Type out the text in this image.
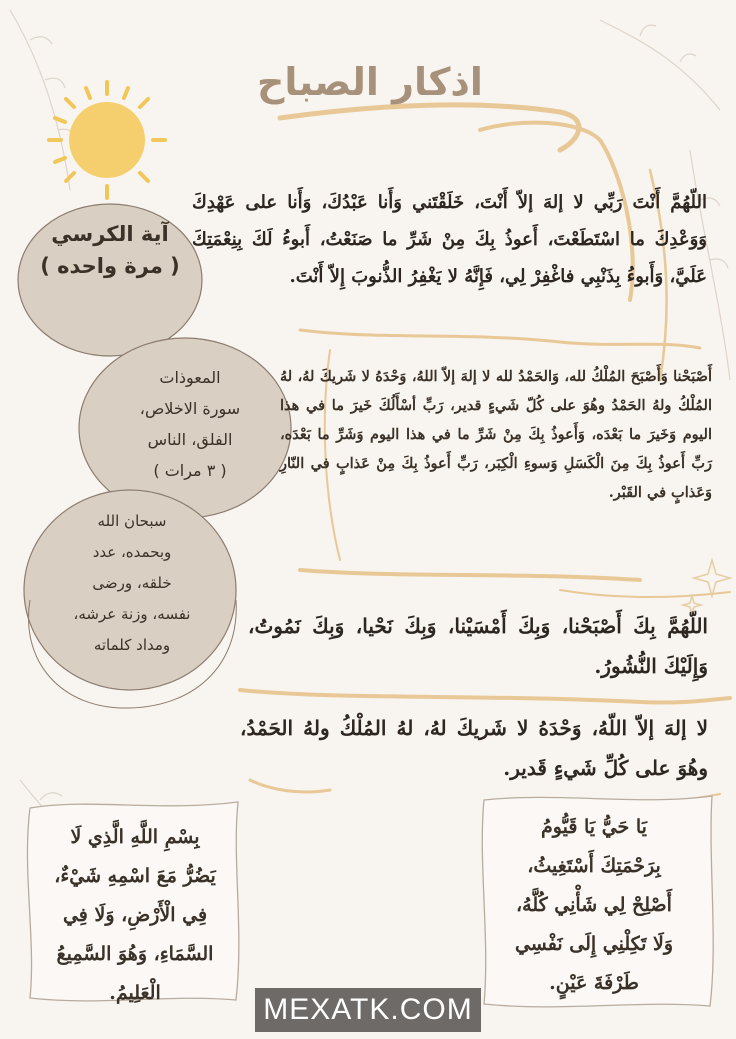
اذكار الصباح
اللّهُمَّ أَنْتَ رَبِّي لا إلهَ إلاّ أَنْتَ، خَلَقْتَني وَأَنا عَبْدُكَ، وَأَنا على عَهْدِكَ وَوَعْدِكَ ما اسْتَطَعْتَ، أَعوذُ بِكَ مِنْ شَرِّ ما صَنَعْتُ، أَبوءُ لَكَ بِنِعْمَتِكَ عَلَيَّ، وَأَبوءُ بِذَنْبِي فاغْفِرْ لِي، فَإِنَّهُ لا يَغْفِرُ الذُّنوبَ إِلاّ أَنْتَ.
أَصْبَحْنا وَأَصْبَحَ المُلْكُ لله، وَالحَمْدُ لله لا إلهَ إلاّ اللهُ، وَحْدَهُ لا شَريكَ لهُ، لهُ المُلْكُ ولهُ الحَمْدُ وهُوَ على كُلّ شَيءٍ قدير، رَبِّ أسْأَلُكَ خَيرَ ما في هذا اليوم وَخَيرَ ما بَعْدَه، وَأَعوذُ بِكَ مِنْ شَرِّ ما في هذا اليوم وَشَرِّ ما بَعْدَه، رَبِّ أَعوذُ بِكَ مِنَ الْكَسَلِ وَسوءِ الْكِبَر، رَبِّ أَعوذُ بِكَ مِنْ عَذابٍ في النّارِ وَعَذابٍ في القَبْر.
اللّهُمَّ بِكَ أَصْبَحْنا، وَبِكَ أَمْسَيْنا، وَبِكَ نَحْيا، وَبِكَ نَمُوتُ، وَإِلَيْكَ النُّشُورُ.
لا إلهَ إلاّ اللّهُ، وَحْدَهُ لا شَريكَ لهُ، لهُ المُلْكُ ولهُ الحَمْدُ، وهُوَ على كُلِّ شَيءٍ قَدير.
آية الكرسي
( مرة واحده )
المعوذات
سورة الاخلاص،
الفلق، الناس
( ٣ مرات )
سبحان الله
وبحمده، عدد
خلقه، ورضى
نفسه، وزنة عرشه،
ومداد كلماته
بِسْمِ اللَّهِ الَّذِي لَا
يَضُرُّ مَعَ اسْمِهِ شَيْءٌ،
فِي الْأَرْضِ، وَلَا فِي
السَّمَاءِ، وَهُوَ السَّمِيعُ
الْعَلِيمُ.
يَا حَيُّ يَا قَيُّومُ
بِرَحْمَتِكَ أَسْتَغِيثُ،
أَصْلِحْ لِي شَأْنِي كُلَّهُ،
وَلَا تَكِلْنِي إِلَى نَفْسِي
طَرْفَةَ عَيْنٍ.
MEXATK.COM
